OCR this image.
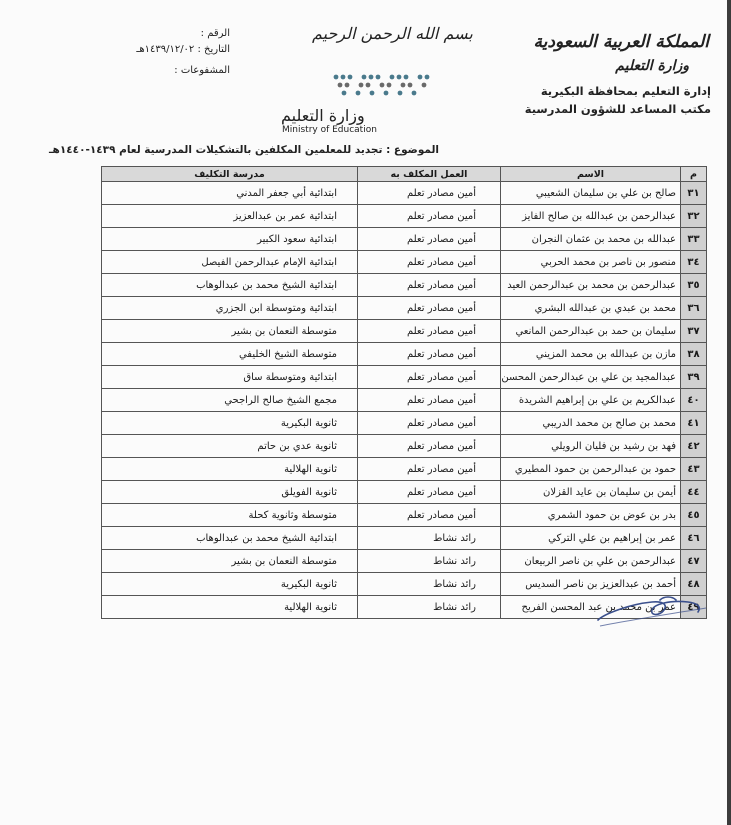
المملكة العربية السعودية
وزارة التعليم
إدارة التعليم بمحافظة البكيرية
مكتب المساعد للشؤون المدرسية
بسم الله الرحمن الرحيم
وزارة التعليم
Ministry of Education
الرقم :
التاريخ : ١٤٣٩/١٢/٠٢هـ
المشفوعات :
الموضوع : تجديد للمعلمين المكلفين بالتشكيلات المدرسية لعام ١٤٣٩-١٤٤٠هـ
م	الاسم	العمل المكلف به	مدرسة التكليف
٣١	صالح بن علي بن سليمان الشعيبي	أمين مصادر تعلم	ابتدائية أبي جعفر المدني
٣٢	عبدالرحمن بن عبدالله بن صالح الفايز	أمين مصادر تعلم	ابتدائية عمر بن عبدالعزيز
٣٣	عبدالله بن محمد بن عثمان النجران	أمين مصادر تعلم	ابتدائية سعود الكبير
٣٤	منصور بن ناصر بن محمد الحربي	أمين مصادر تعلم	ابتدائية الإمام عبدالرحمن الفيصل
٣٥	عبدالرحمن بن محمد بن عبدالرحمن العيد	أمين مصادر تعلم	ابتدائية الشيخ محمد بن عبدالوهاب
٣٦	محمد بن عبدي بن عبدالله البشري	أمين مصادر تعلم	ابتدائية ومتوسطة ابن الجزري
٣٧	سليمان بن حمد بن عبدالرحمن المانعي	أمين مصادر تعلم	متوسطة النعمان بن بشير
٣٨	مازن بن عبدالله بن محمد المزيني	أمين مصادر تعلم	متوسطة الشيخ الخليفي
٣٩	عبدالمجيد بن علي بن عبدالرحمن المحسن	أمين مصادر تعلم	ابتدائية ومتوسطة ساق
٤٠	عبدالكريم بن علي بن إبراهيم الشريدة	أمين مصادر تعلم	مجمع الشيخ صالح الراجحي
٤١	محمد بن صالح بن محمد الدريبي	أمين مصادر تعلم	ثانوية البكيرية
٤٢	فهد بن رشيد بن فليان الرويلي	أمين مصادر تعلم	ثانوية عدي بن حاتم
٤٣	حمود بن عبدالرحمن بن حمود المطيري	أمين مصادر تعلم	ثانوية الهلالية
٤٤	أيمن بن سليمان بن عايد القزلان	أمين مصادر تعلم	ثانوية الفويلق
٤٥	بدر بن عوض بن حمود الشمري	أمين مصادر تعلم	متوسطة وثانوية كحلة
٤٦	عمر بن إبراهيم بن علي التركي	رائد نشاط	ابتدائية الشيخ محمد بن عبدالوهاب
٤٧	عبدالرحمن بن علي بن ناصر الربيعان	رائد نشاط	متوسطة النعمان بن بشير
٤٨	أحمد بن عبدالعزيز بن ناصر السديس	رائد نشاط	ثانوية البكيرية
٤٩	عمر بن محمد بن عبد المحسن الفريح	رائد نشاط	ثانوية الهلالية
